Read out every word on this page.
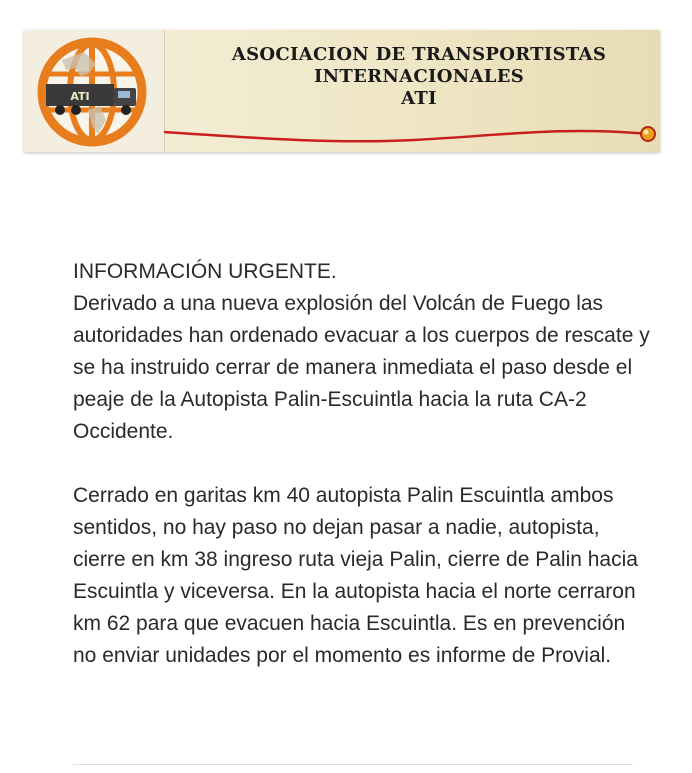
ATI
ASOCIACION DE TRANSPORTISTAS
INTERNACIONALES
ATI

INFORMACIÓN URGENTE.
Derivado a una nueva explosión del Volcán de Fuego las autoridades han ordenado evacuar a los cuerpos de rescate y se ha instruido cerrar de manera inmediata el paso desde el peaje de la Autopista Palin-Escuintla hacia la ruta CA-2 Occidente.

Cerrado en garitas km 40 autopista Palin Escuintla ambos sentidos, no hay paso no dejan pasar a nadie, autopista, cierre en km 38 ingreso ruta vieja Palin, cierre de Palin hacia Escuintla y viceversa. En la autopista hacia el norte cerraron km 62 para que evacuen hacia Escuintla. Es en prevención no enviar unidades por el momento es informe de Provial.
